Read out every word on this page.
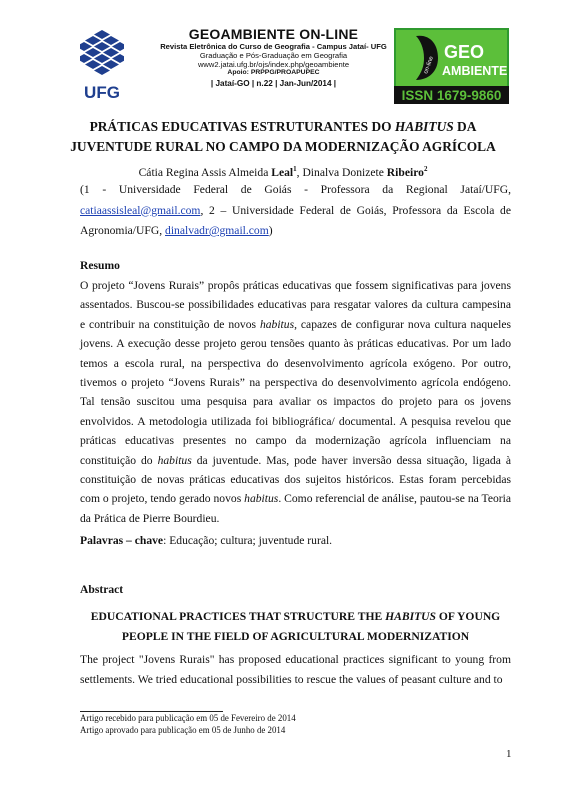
UFG
GEOAMBIENTE ON-LINE
Revista Eletrônica do Curso de Geografia - Campus Jataí- UFG
Graduação e Pós-Graduação em Geografia
www2.jatai.ufg.br/ojs/index.php/geoambiente
Apoio: PRPPG/PROAPUPEC
| Jataí-GO | n.22 | Jan-Jun/2014 |
on-line
GEO
AMBIENTE
ISSN 1679-9860
PRÁTICAS EDUCATIVAS ESTRUTURANTES DO HABITUS DA
JUVENTUDE RURAL NO CAMPO DA MODERNIZAÇÃO AGRÍCOLA
Cátia Regina Assis Almeida Leal$^1$, Dinalva Donizete Ribeiro$^2$
(1 - Universidade Federal de Goiás - Professora da Regional Jataí/UFG, catiaassisleal@gmail.com, 2 – Universidade Federal de Goiás, Professora da Escola de Agronomia/UFG, dinalvadr@gmail.com)
Resumo
O projeto “Jovens Rurais” propôs práticas educativas que fossem significativas para jovens assentados. Buscou-se possibilidades educativas para resgatar valores da cultura campesina e contribuir na constituição de novos habitus, capazes de configurar nova cultura naqueles jovens. A execução desse projeto gerou tensões quanto às práticas educativas. Por um lado temos a escola rural, na perspectiva do desenvolvimento agrícola exógeno. Por outro, tivemos o projeto “Jovens Rurais” na perspectiva do desenvolvimento agrícola endógeno. Tal tensão suscitou uma pesquisa para avaliar os impactos do projeto para os jovens envolvidos. A metodologia utilizada foi bibliográfica/ documental. A pesquisa revelou que práticas educativas presentes no campo da modernização agrícola influenciam na constituição do habitus da juventude. Mas, pode haver inversão dessa situação, ligada à constituição de novas práticas educativas dos sujeitos históricos. Estas foram percebidas com o projeto, tendo gerado novos habitus. Como referencial de análise, pautou-se na Teoria da Prática de Pierre Bourdieu.
Palavras – chave: Educação; cultura; juventude rural.
Abstract
EDUCATIONAL PRACTICES THAT STRUCTURE THE HABITUS OF YOUNG
PEOPLE IN THE FIELD OF AGRICULTURAL MODERNIZATION
The project "Jovens Rurais" has proposed educational practices significant to young from settlements. We tried educational possibilities to rescue the values of peasant culture and to
Artigo recebido para publicação em 05 de Fevereiro de 2014
Artigo aprovado para publicação em 05 de Junho de 2014
1
